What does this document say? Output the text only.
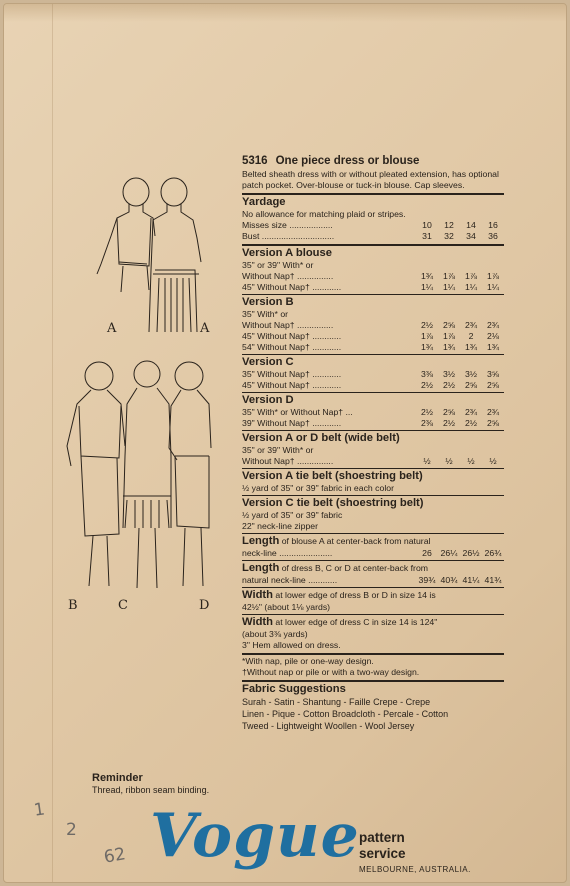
A	A
B	C	D
5316 One piece dress or blouse
Belted sheath dress with or without pleated extension, has optional patch pocket. Over-blouse or tuck-in blouse. Cap sleeves.
Yardage
No allowance for matching plaid or stripes.
Misses size ..................	10	12	14	16
Bust ..............................	31	32	34	36
Version A blouse
35" or 39" With* or
Without Nap† ...............	1¾	1⅞	1⅞	1⅞
45" Without Nap† ............	1¼	1¼	1¼	1¼
Version B
35" With* or
Without Nap† ...............	2½	2⅝	2¾	2¾
45" Without Nap† ............	1⅞	1⅞	2	2⅛
54" Without Nap† ............	1¾	1¾	1¾	1¾
Version C
35" Without Nap† ............	3⅜	3½	3½	3⅝
45" Without Nap† ............	2½	2½	2⅝	2⅝
Version D
35" With* or Without Nap† ...	2½	2⅝	2¾	2¾
39" Without Nap† ............	2⅜	2½	2½	2⅝
Version A or D belt (wide belt)
35" or 39" With* or
Without Nap† ...............	½	½	½	½
Version A tie belt (shoestring belt)
½ yard of 35" or 39" fabric in each color
Version C tie belt (shoestring belt)
½ yard of 35" or 39" fabric
22" neck-line zipper
Length of blouse A at center-back from natural
neck-line ......................	26	26¼ 26½ 26¾
Length of dress B, C or D at center-back from
natural neck-line ............	39¾ 40¾ 41¼ 41¾
Width at lower edge of dress B or D in size 14 is
42½" (about 1⅛ yards)
Width at lower edge of dress C in size 14 is 124"
(about 3⅜ yards)
3" Hem allowed on dress.
*With nap, pile or one-way design.
†Without nap or pile or with a two-way design.
Fabric Suggestions
Surah - Satin - Shantung - Faille Crepe - Crepe
Linen - Pique - Cotton Broadcloth - Percale - Cotton
Tweed - Lightweight Woollen - Wool Jersey
Reminder
Thread, ribbon seam binding.
1
2
62 Vogue pattern
service
MELBOURNE, AUSTRALIA.
